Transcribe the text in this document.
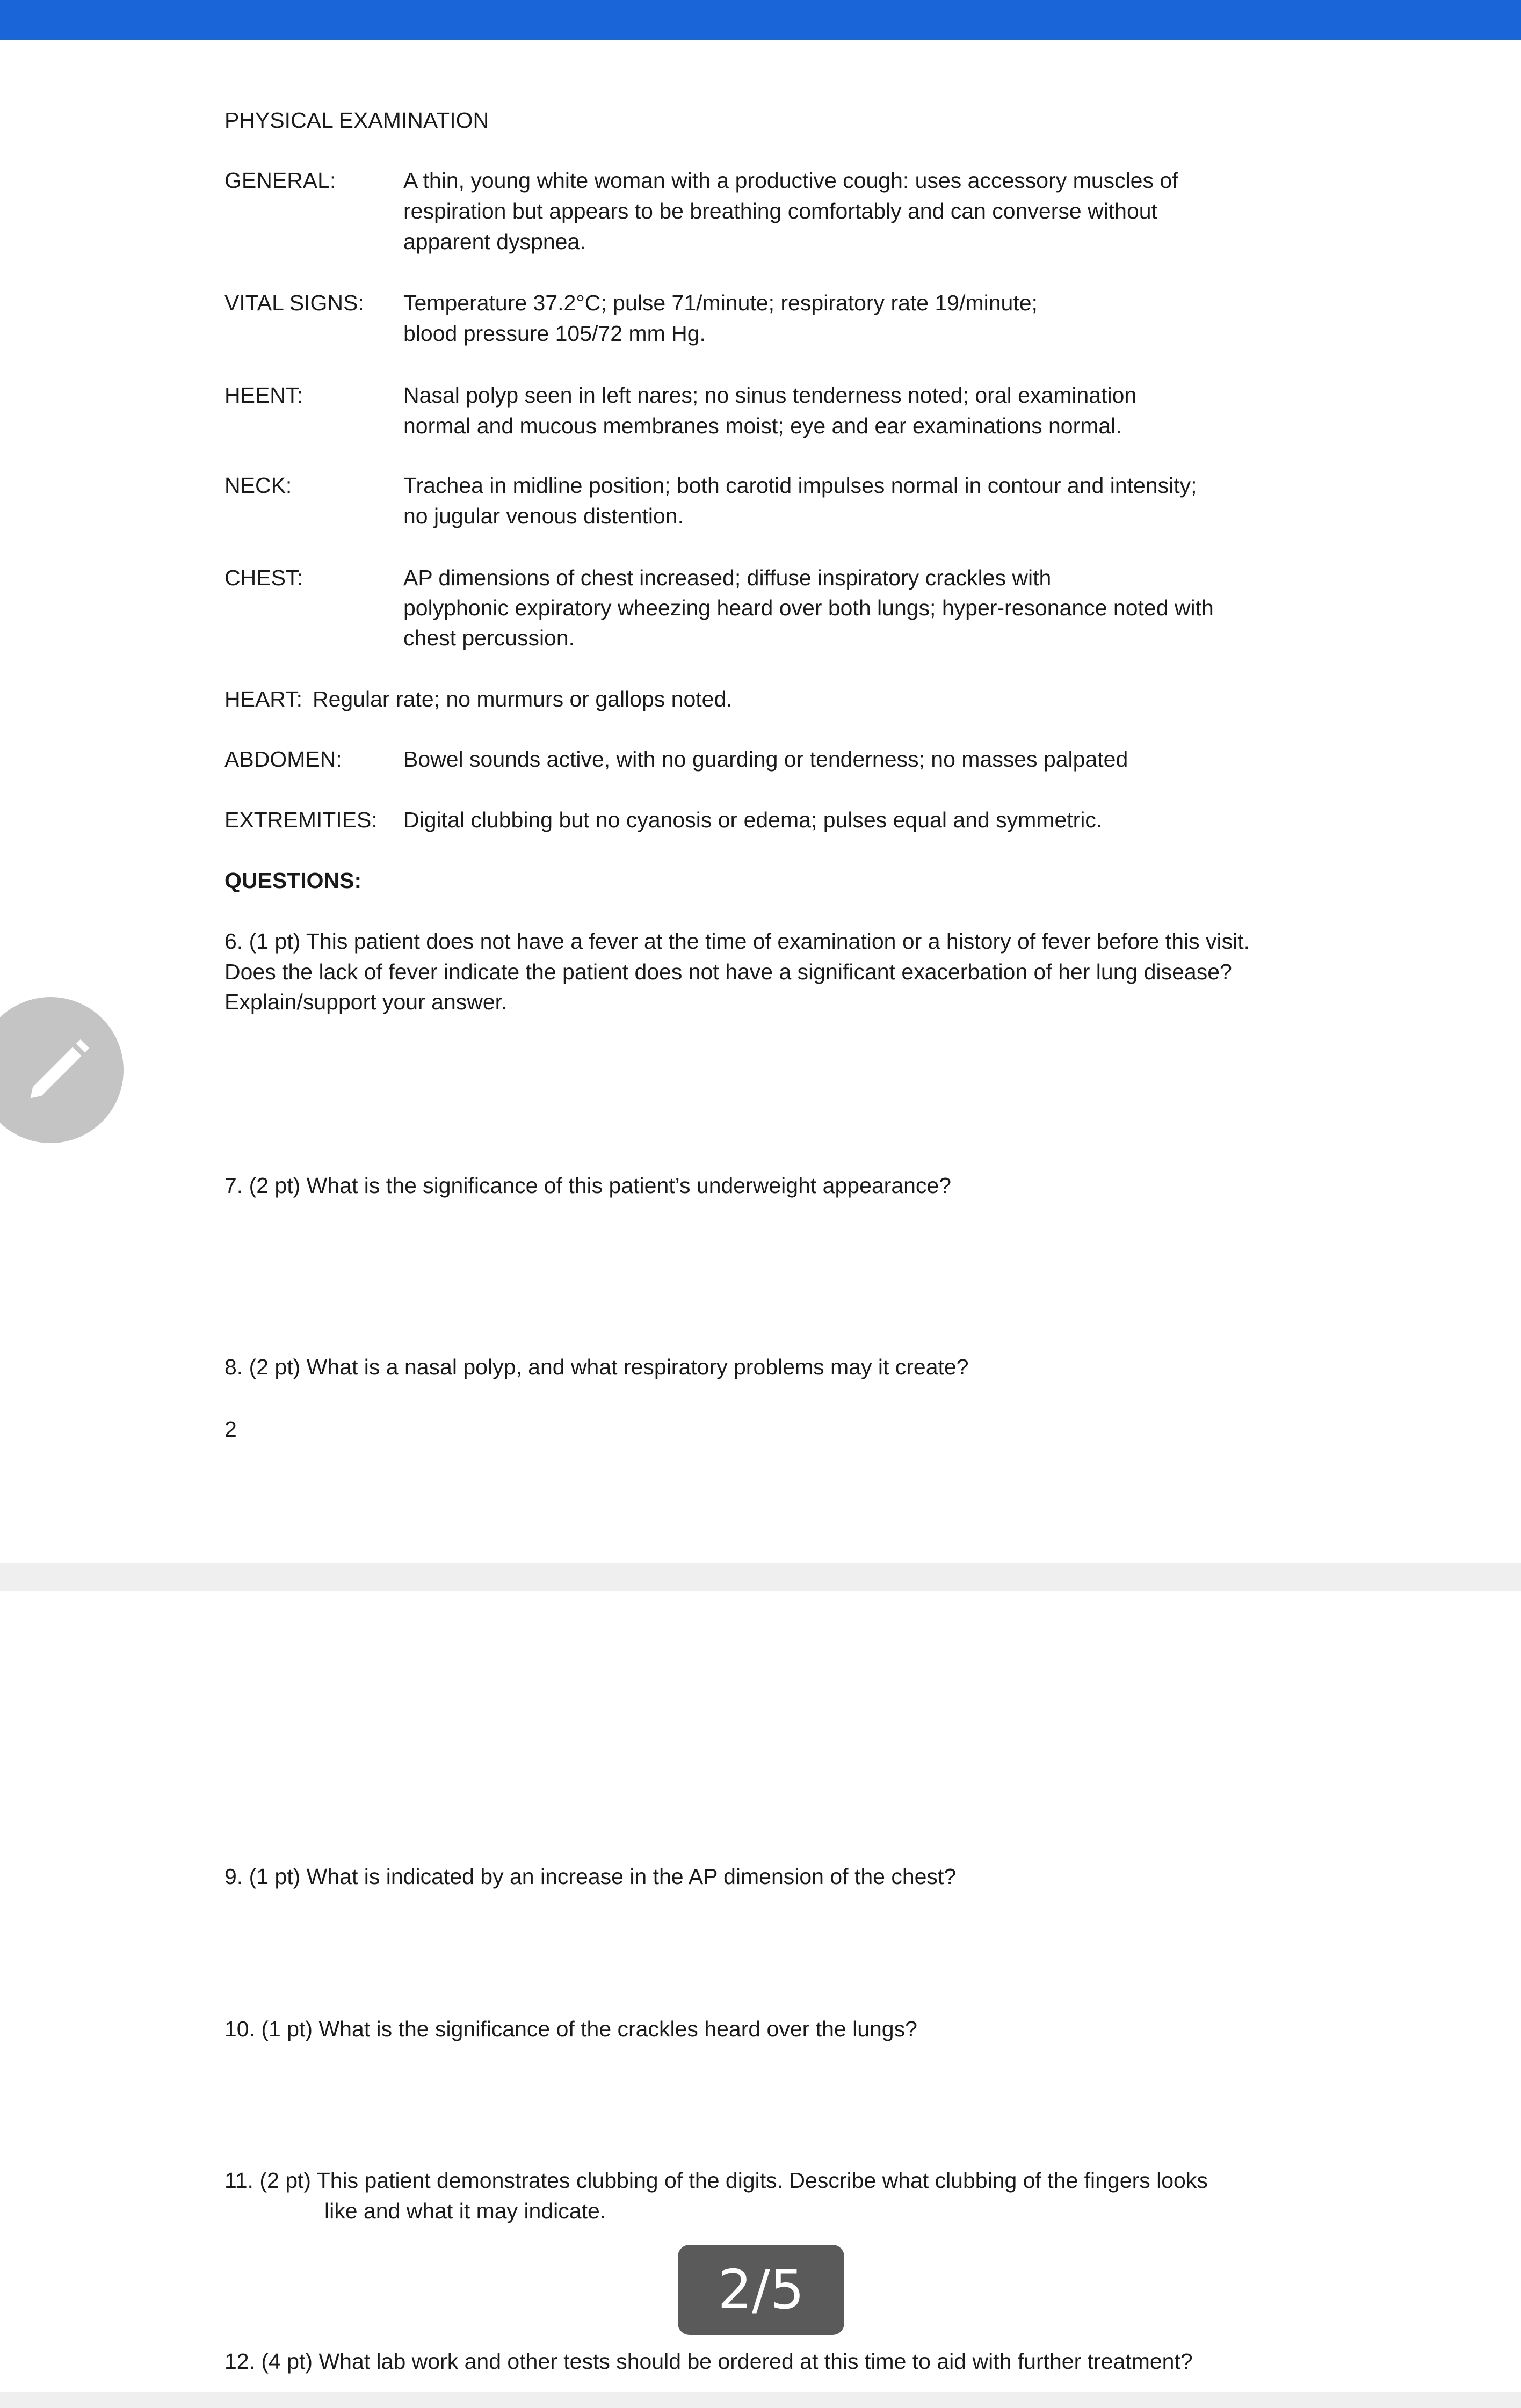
PHYSICAL EXAMINATION

GENERAL:	A thin, young white woman with a productive cough: uses accessory muscles of

respiration but appears to be breathing comfortably and can converse without

apparent dyspnea.

VITAL SIGNS: Temperature 37.2°C; pulse 71/minute; respiratory rate 19/minute;

blood pressure 105/72 mm Hg.

HEENT:	Nasal polyp seen in left nares; no sinus tenderness noted; oral examination

normal and mucous membranes moist; eye and ear examinations normal.

NECK:	Trachea in midline position; both carotid impulses normal in contour and intensity;

no jugular venous distention.

CHEST:	AP dimensions of chest increased; diffuse inspiratory crackles with

polyphonic expiratory wheezing heard over both lungs; hyper-resonance noted with

chest percussion.

HEART: Regular rate; no murmurs or gallops noted.

ABDOMEN:	Bowel sounds active, with no guarding or tenderness; no masses palpated

EXTREMITIES: Digital clubbing but no cyanosis or edema; pulses equal and symmetric.

QUESTIONS:

6. (1 pt) This patient does not have a fever at the time of examination or a history of fever before this visit.

Does the lack of fever indicate the patient does not have a significant exacerbation of her lung disease?

Explain/support your answer.

7. (2 pt) What is the significance of this patient’s underweight appearance?

8. (2 pt) What is a nasal polyp, and what respiratory problems may it create?

2

9. (1 pt) What is indicated by an increase in the AP dimension of the chest?

10. (1 pt) What is the significance of the crackles heard over the lungs?

11. (2 pt) This patient demonstrates clubbing of the digits. Describe what clubbing of the fingers looks

like and what it may indicate.

12. (4 pt) What lab work and other tests should be ordered at this time to aid with further treatment?

2/5
